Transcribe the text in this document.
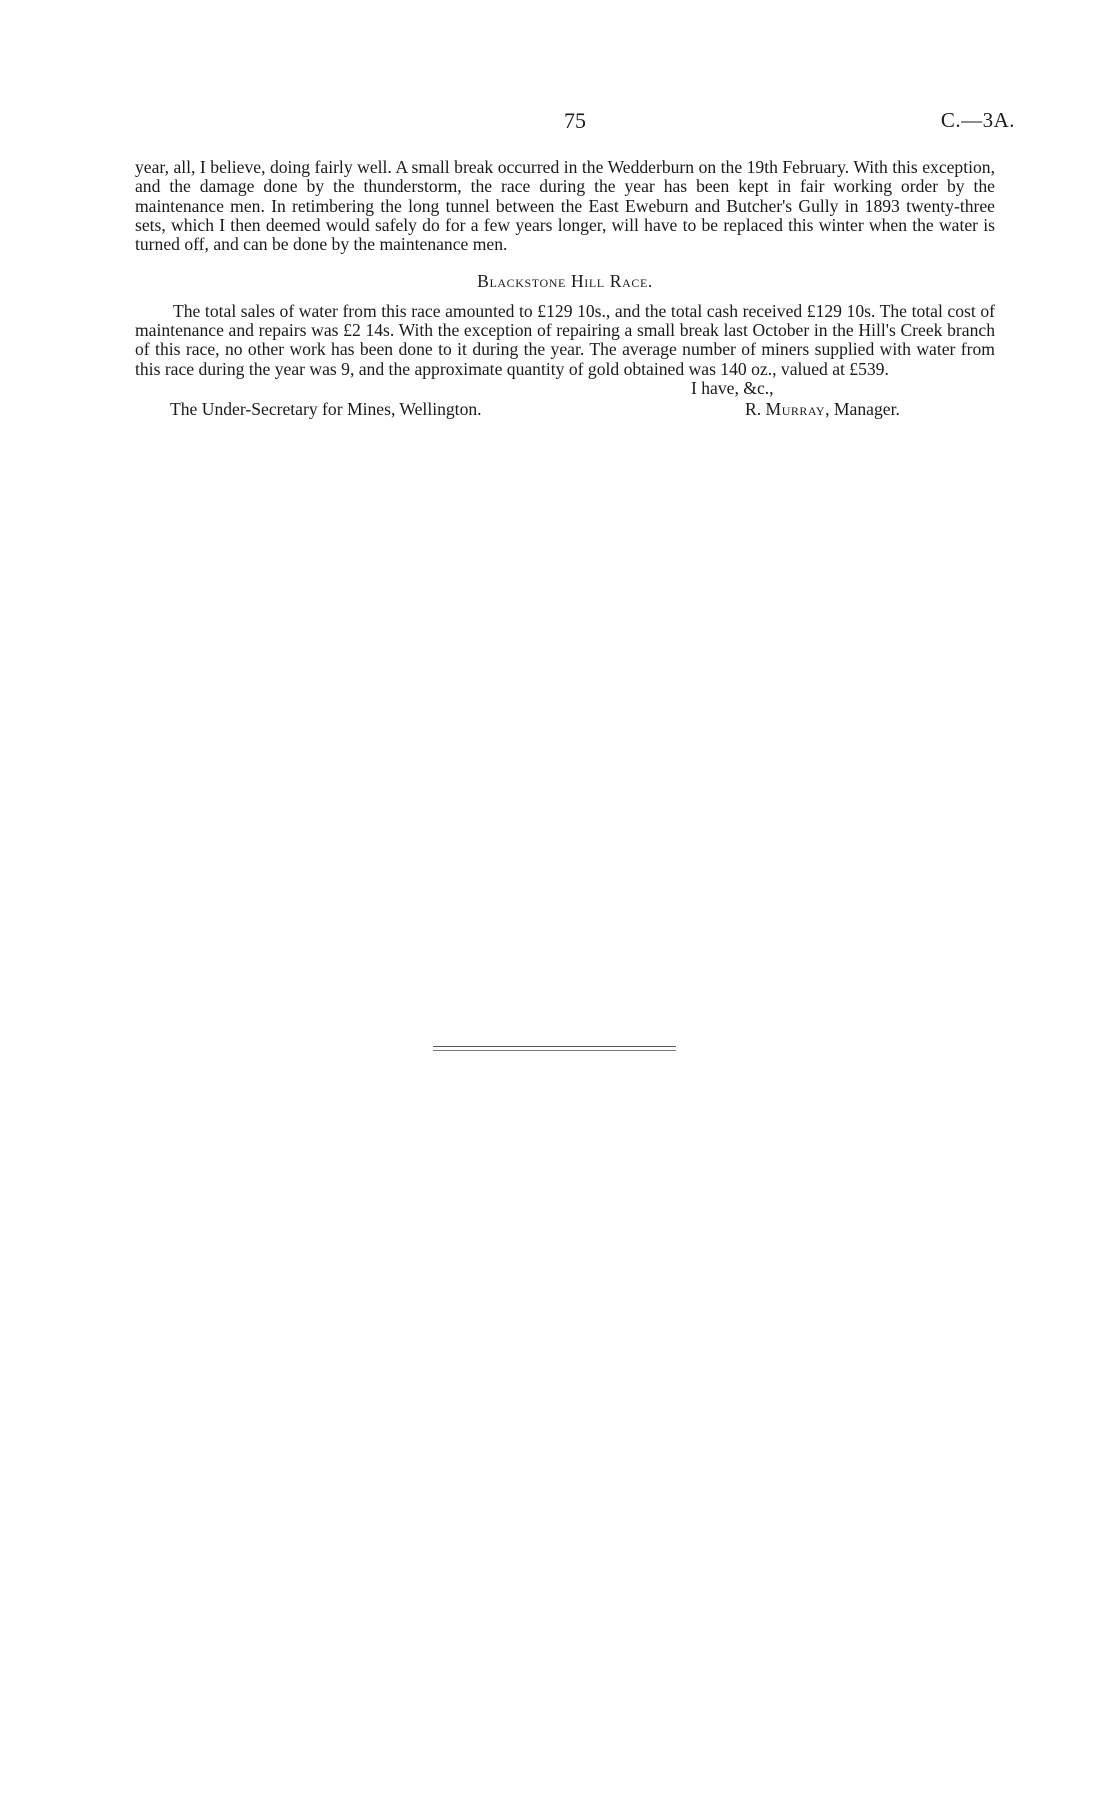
75	C.—3A.

year, all, I believe, doing fairly well. A small break occurred in the Wedderburn on the 19th February. With this exception, and the damage done by the thunderstorm, the race during the year has been kept in fair working order by the maintenance men. In retimbering the long tunnel between the East Eweburn and Butcher's Gully in 1893 twenty-three sets, which I then deemed would safely do for a few years longer, will have to be replaced this winter when the water is turned off, and can be done by the maintenance men.

Blackstone Hill Race.

The total sales of water from this race amounted to £129 10s., and the total cash received £129 10s. The total cost of maintenance and repairs was £2 14s. With the exception of repairing a small break last October in the Hill's Creek branch of this race, no other work has been done to it during the year. The average number of miners supplied with water from this race during the year was 9, and the approximate quantity of gold obtained was 140 oz., valued at £539.

I have, &c.,

The Under-Secretary for Mines, Wellington.	R. Murray, Manager.
